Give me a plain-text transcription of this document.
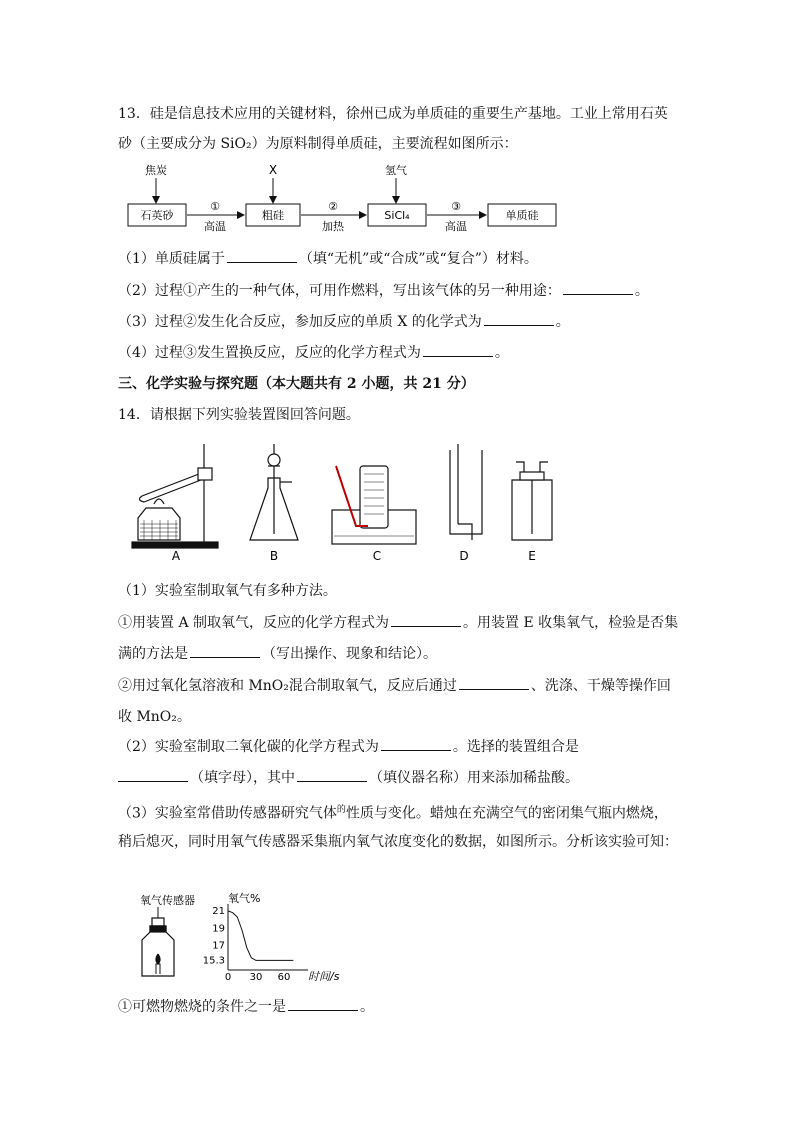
13．硅是信息技术应用的关键材料，徐州已成为单质硅的重要生产基地。工业上常用石英
砂（主要成分为 SiO₂）为原料制得单质硅，主要流程如图所示：
焦炭	X	氢气
石英砂	粗硅	SiCl₄	单质硅
①	②	③
高温	加热	高温
（1）单质硅属于	（填“无机”或“合成”或“复合”）材料。
（2）过程①产生的一种气体，可用作燃料，写出该气体的另一种用途：	。
（3）过程②发生化合反应，参加反应的单质 X 的化学式为	。
（4）过程③发生置换反应，反应的化学方程式为	。
三、化学实验与探究题（本大题共有 2 小题，共 21 分）
14．请根据下列实验装置图回答问题。
A	B	C	D	E
（1）实验室制取氧气有多种方法。
①用装置 A 制取氧气，反应的化学方程式为	。用装置 E 收集氧气，检验是否集
满的方法是	（写出操作、现象和结论）。
②用过氧化氢溶液和 MnO₂混合制取氧气，反应后通过	、洗涤、干燥等操作回
收 MnO₂。
（2）实验室制取二氧化碳的化学方程式为	。选择的装置组合是
（填字母），其中	（填仪器名称）用来添加稀盐酸。
（3）实验室常借助传感器研究气体$^的$性质与变化。蜡烛在充满空气的密闭集气瓶内燃烧，
稍后熄灭，同时用氧气传感器采集瓶内氧气浓度变化的数据，如图所示。分析该实验可知：
氧气传感器	氧气%
21
19
17
15.3
0 30 60 时间/s
①可燃物燃烧的条件之一是	。
